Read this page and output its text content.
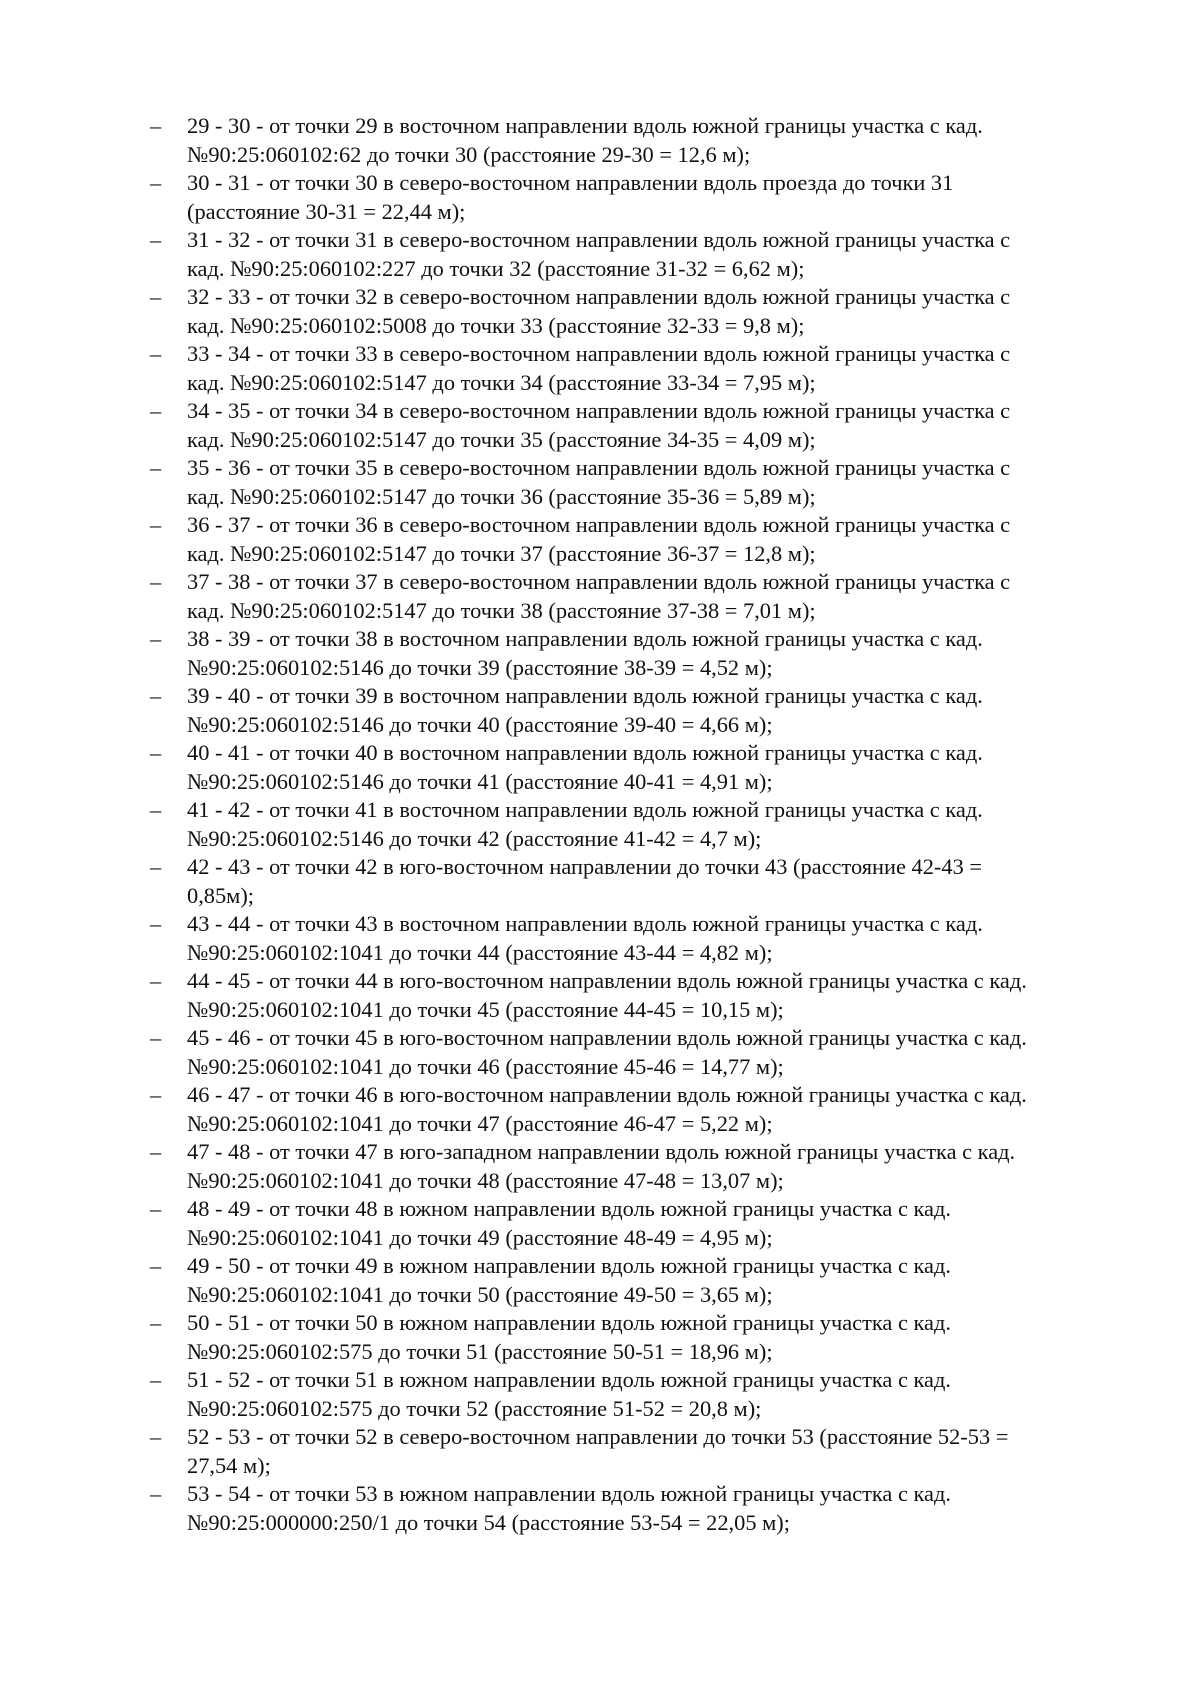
–	29 - 30 - от точки 29 в восточном направлении вдоль южной границы участка с кад.
№90:25:060102:62 до точки 30 (расстояние 29-30 = 12,6 м);
–	30 - 31 - от точки 30 в северо-восточном направлении вдоль проезда до точки 31
(расстояние 30-31 = 22,44 м);
–	31 - 32 - от точки 31 в северо-восточном направлении вдоль южной границы участка с
кад. №90:25:060102:227 до точки 32 (расстояние 31-32 = 6,62 м);
–	32 - 33 - от точки 32 в северо-восточном направлении вдоль южной границы участка с
кад. №90:25:060102:5008 до точки 33 (расстояние 32-33 = 9,8 м);
–	33 - 34 - от точки 33 в северо-восточном направлении вдоль южной границы участка с
кад. №90:25:060102:5147 до точки 34 (расстояние 33-34 = 7,95 м);
–	34 - 35 - от точки 34 в северо-восточном направлении вдоль южной границы участка с
кад. №90:25:060102:5147 до точки 35 (расстояние 34-35 = 4,09 м);
–	35 - 36 - от точки 35 в северо-восточном направлении вдоль южной границы участка с
кад. №90:25:060102:5147 до точки 36 (расстояние 35-36 = 5,89 м);
–	36 - 37 - от точки 36 в северо-восточном направлении вдоль южной границы участка с
кад. №90:25:060102:5147 до точки 37 (расстояние 36-37 = 12,8 м);
–	37 - 38 - от точки 37 в северо-восточном направлении вдоль южной границы участка с
кад. №90:25:060102:5147 до точки 38 (расстояние 37-38 = 7,01 м);
–	38 - 39 - от точки 38 в восточном направлении вдоль южной границы участка с кад.
№90:25:060102:5146 до точки 39 (расстояние 38-39 = 4,52 м);
–	39 - 40 - от точки 39 в восточном направлении вдоль южной границы участка с кад.
№90:25:060102:5146 до точки 40 (расстояние 39-40 = 4,66 м);
–	40 - 41 - от точки 40 в восточном направлении вдоль южной границы участка с кад.
№90:25:060102:5146 до точки 41 (расстояние 40-41 = 4,91 м);
–	41 - 42 - от точки 41 в восточном направлении вдоль южной границы участка с кад.
№90:25:060102:5146 до точки 42 (расстояние 41-42 = 4,7 м);
–	42 - 43 - от точки 42 в юго-восточном направлении до точки 43 (расстояние 42-43 =
0,85м);
–	43 - 44 - от точки 43 в восточном направлении вдоль южной границы участка с кад.
№90:25:060102:1041 до точки 44 (расстояние 43-44 = 4,82 м);
–	44 - 45 - от точки 44 в юго-восточном направлении вдоль южной границы участка с кад.
№90:25:060102:1041 до точки 45 (расстояние 44-45 = 10,15 м);
–	45 - 46 - от точки 45 в юго-восточном направлении вдоль южной границы участка с кад.
№90:25:060102:1041 до точки 46 (расстояние 45-46 = 14,77 м);
–	46 - 47 - от точки 46 в юго-восточном направлении вдоль южной границы участка с кад.
№90:25:060102:1041 до точки 47 (расстояние 46-47 = 5,22 м);
–	47 - 48 - от точки 47 в юго-западном направлении вдоль южной границы участка с кад.
№90:25:060102:1041 до точки 48 (расстояние 47-48 = 13,07 м);
–	48 - 49 - от точки 48 в южном направлении вдоль южной границы участка с кад.
№90:25:060102:1041 до точки 49 (расстояние 48-49 = 4,95 м);
–	49 - 50 - от точки 49 в южном направлении вдоль южной границы участка с кад.
№90:25:060102:1041 до точки 50 (расстояние 49-50 = 3,65 м);
–	50 - 51 - от точки 50 в южном направлении вдоль южной границы участка с кад.
№90:25:060102:575 до точки 51 (расстояние 50-51 = 18,96 м);
–	51 - 52 - от точки 51 в южном направлении вдоль южной границы участка с кад.
№90:25:060102:575 до точки 52 (расстояние 51-52 = 20,8 м);
–	52 - 53 - от точки 52 в северо-восточном направлении до точки 53 (расстояние 52-53 =
27,54 м);
–	53 - 54 - от точки 53 в южном направлении вдоль южной границы участка с кад.
№90:25:000000:250/1 до точки 54 (расстояние 53-54 = 22,05 м);
